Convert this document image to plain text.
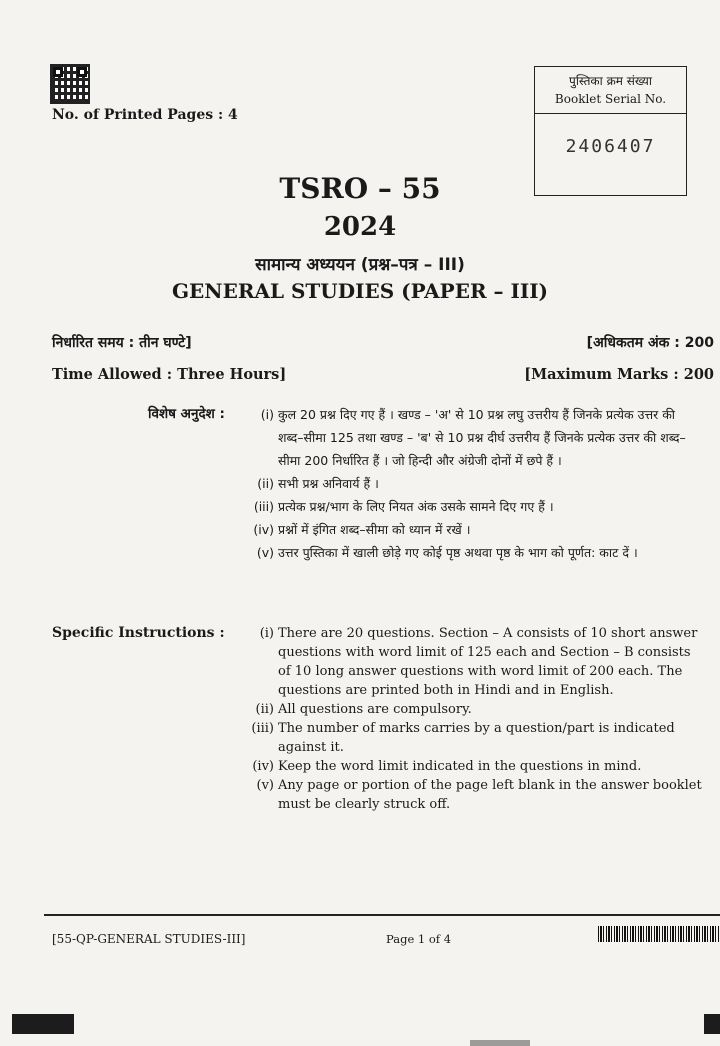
No. of Printed Pages : 4
पुस्तिका क्रम संख्या
Booklet Serial No.
2406407
TSRO – 55
2024
सामान्य अध्ययन (प्रश्न–पत्र – III)
GENERAL STUDIES (PAPER – III)
निर्धारित समय : तीन घण्टे]	[अधिकतम अंक : 200
Time Allowed : Three Hours]	[Maximum Marks : 200
विशेष अनुदेश :	(i) कुल 20 प्रश्न दिए गए हैं । खण्ड – 'अ' से 10 प्रश्न लघु उत्तरीय हैं जिनके प्रत्येक उत्तर की शब्द–सीमा 125 तथा खण्ड – 'ब' से 10 प्रश्न दीर्घ उत्तरीय हैं जिनके प्रत्येक उत्तर की शब्द–सीमा 200 निर्धारित हैं । जो हिन्दी और अंग्रेजी दोनों में छपे हैं ।
(ii) सभी प्रश्न अनिवार्य हैं ।
(iii) प्रत्येक प्रश्न/भाग के लिए नियत अंक उसके सामने दिए गए हैं ।
(iv) प्रश्नों में इंगित शब्द–सीमा को ध्यान में रखें ।
(v) उत्तर पुस्तिका में खाली छोड़े गए कोई पृष्ठ अथवा पृष्ठ के भाग को पूर्णत: काट दें ।
Specific Instructions :	(i) There are 20 questions. Section – A consists of 10 short answer questions with word limit of 125 each and Section – B consists of 10 long answer questions with word limit of 200 each. The questions are printed both in Hindi and in English.
(ii) All questions are compulsory.
(iii) The number of marks carries by a question/part is indicated against it.
(iv) Keep the word limit indicated in the questions in mind.
(v) Any page or portion of the page left blank in the answer booklet must be clearly struck off.
[55-QP-GENERAL STUDIES-III]	Page 1 of 4
